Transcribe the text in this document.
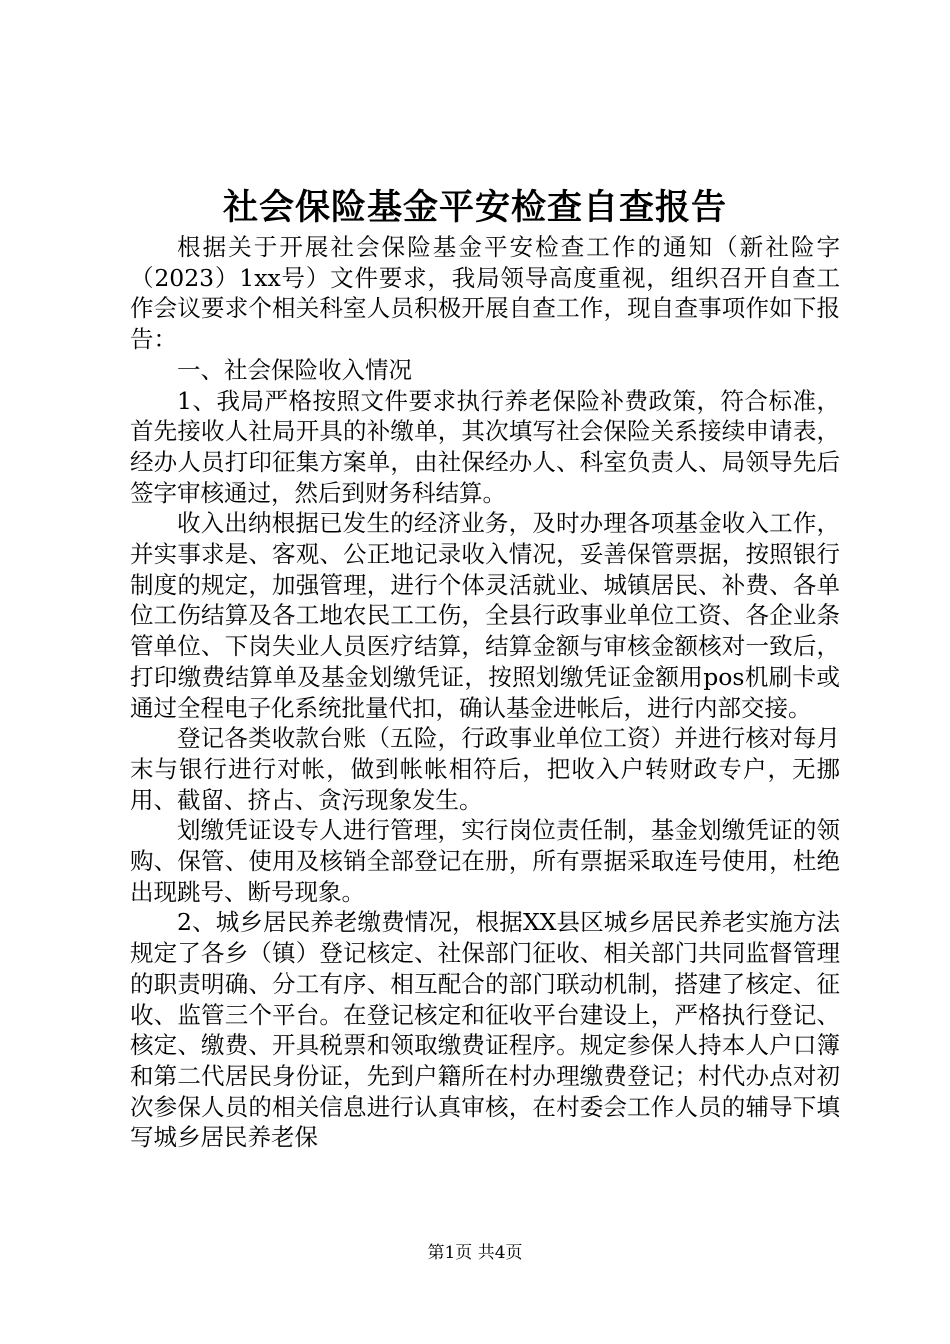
社会保险基金平安检查自查报告

根据关于开展社会保险基金平安检查工作的通知（新社险字（2023）1xx号）文件要求，我局领导高度重视，组织召开自查工作会议要求个相关科室人员积极开展自查工作，现自查事项作如下报告：

一、社会保险收入情况

1、我局严格按照文件要求执行养老保险补费政策，符合标准，首先接收人社局开具的补缴单，其次填写社会保险关系接续申请表，经办人员打印征集方案单，由社保经办人、科室负责人、局领导先后签字审核通过，然后到财务科结算。

收入出纳根据已发生的经济业务，及时办理各项基金收入工作，并实事求是、客观、公正地记录收入情况，妥善保管票据，按照银行制度的规定，加强管理，进行个体灵活就业、城镇居民、补费、各单位工伤结算及各工地农民工工伤，全县行政事业单位工资、各企业条管单位、下岗失业人员医疗结算，结算金额与审核金额核对一致后，打印缴费结算单及基金划缴凭证，按照划缴凭证金额用pos机刷卡或通过全程电子化系统批量代扣，确认基金进帐后，进行内部交接。

登记各类收款台账（五险，行政事业单位工资）并进行核对每月末与银行进行对帐，做到帐帐相符后，把收入户转财政专户，无挪用、截留、挤占、贪污现象发生。

划缴凭证设专人进行管理，实行岗位责任制，基金划缴凭证的领购、保管、使用及核销全部登记在册，所有票据采取连号使用，杜绝出现跳号、断号现象。

2、城乡居民养老缴费情况，根据XX县区城乡居民养老实施方法规定了各乡（镇）登记核定、社保部门征收、相关部门共同监督管理的职责明确、分工有序、相互配合的部门联动机制，搭建了核定、征收、监管三个平台。在登记核定和征收平台建设上，严格执行登记、核定、缴费、开具税票和领取缴费证程序。规定参保人持本人户口簿和第二代居民身份证，先到户籍所在村办理缴费登记；村代办点对初次参保人员的相关信息进行认真审核，在村委会工作人员的辅导下填写城乡居民养老保

第1页 共4页
